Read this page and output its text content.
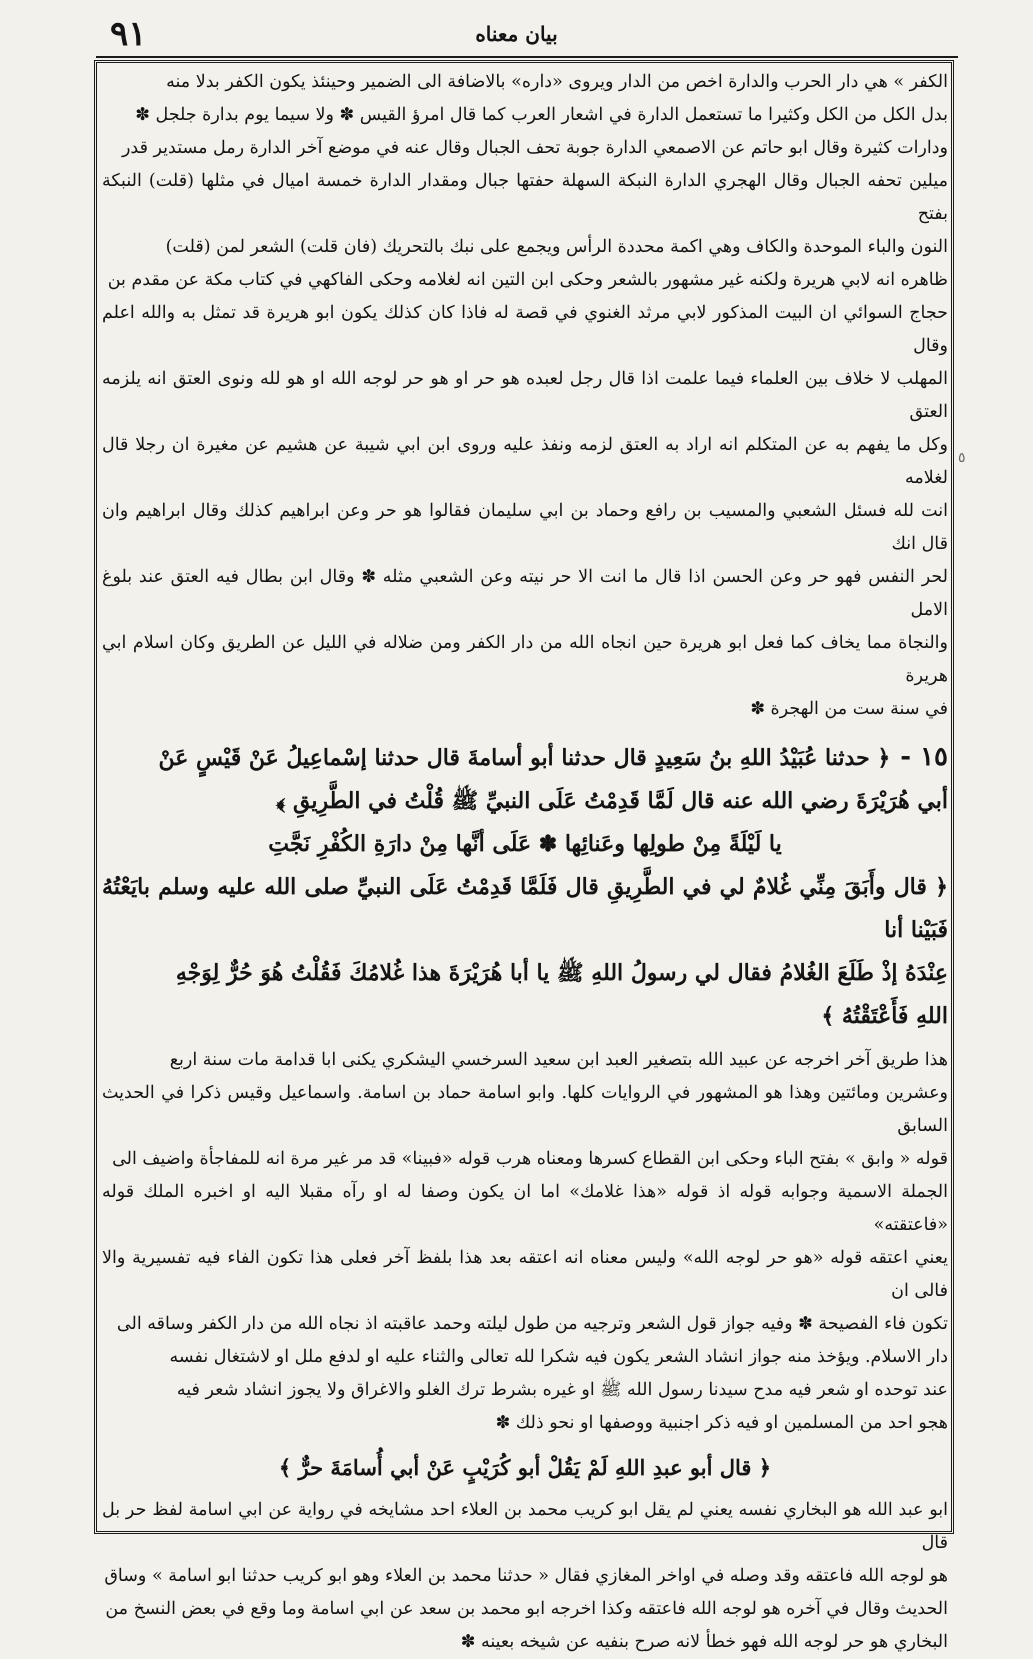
٩١	بيان معناه
٥

الكفر » هي دار الحرب والدارة اخص من الدار ويروى «داره» بالاضافة الى الضمير وحينئذ يكون الكفر بدلا منه

بدل الكل من الكل وكثيرا ما تستعمل الدارة في اشعار العرب كما قال امرؤ القيس ✽ ولا سيما يوم بدارة جلجل ✽

ودارات كثيرة وقال ابو حاتم عن الاصمعي الدارة جوبة تحف الجبال وقال عنه في موضع آخر الدارة رمل مستدير قدر

ميلين تحفه الجبال وقال الهجري الدارة النبكة السهلة حفتها جبال ومقدار الدارة خمسة اميال في مثلها (قلت) النبكة بفتح

النون والباء الموحدة والكاف وهي اكمة محددة الرأس ويجمع على نبك بالتحريك (فان قلت) الشعر لمن (قلت)

ظاهره انه لابي هريرة ولكنه غير مشهور بالشعر وحكى ابن التين انه لغلامه وحكى الفاكهي في كتاب مكة عن مقدم بن

حجاج السوائي ان البيت المذكور لابي مرثد الغنوي في قصة له فاذا كان كذلك يكون ابو هريرة قد تمثل به والله اعلم وقال

المهلب لا خلاف بين العلماء فيما علمت اذا قال رجل لعبده هو حر او هو حر لوجه الله او هو لله ونوى العتق انه يلزمه العتق

وكل ما يفهم به عن المتكلم انه اراد به العتق لزمه ونفذ عليه وروى ابن ابي شيبة عن هشيم عن مغيرة ان رجلا قال لغلامه

انت لله فسئل الشعبي والمسيب بن رافع وحماد بن ابي سليمان فقالوا هو حر وعن ابراهيم كذلك وقال ابراهيم وان قال انك

لحر النفس فهو حر وعن الحسن اذا قال ما انت الا حر نيته وعن الشعبي مثله ✽ وقال ابن بطال فيه العتق عند بلوغ الامل

والنجاة مما يخاف كما فعل ابو هريرة حين انجاه الله من دار الكفر ومن ضلاله في الليل عن الطريق وكان اسلام ابي هريرة

في سنة ست من الهجرة ✽

١٥ -﴿ حدثنا عُبَيْدُ اللهِ بنُ سَعِيدٍ قال حدثنا أبو أسامةَ قال حدثنا إسْماعِيلُ عَنْ قَيْسٍ عَنْ

أبي هُرَيْرَةَ رضي الله عنه قال لَمَّا قَدِمْتُ عَلَى النبيِّ ﷺ قُلْتُ في الطَّرِيقِ ﴾

يا لَيْلَةً مِنْ طولِها وعَنائِها ✽ عَلَى أنَّها مِنْ دارَةِ الكُفْرِ نَجَّتِ

﴿ قال وأَبَقَ مِنِّي غُلامٌ لي في الطَّرِيقِ قال فَلَمَّا قَدِمْتُ عَلَى النبيِّ صلى الله عليه وسلم بايَعْتُهُ فَبَيْنا أنا

عِنْدَهُ إذْ طَلَعَ الغُلامُ فقال لي رسولُ اللهِ ﷺ يا أبا هُرَيْرَةَ هذا غُلامُكَ فَقُلْتُ هُوَ حُرٌّ لِوَجْهِ

اللهِ فَأَعْتَقْتُهُ ﴾

هذا طريق آخر اخرجه عن عبيد الله بتصغير العبد ابن سعيد السرخسي اليشكري يكنى ابا قدامة مات سنة اربع

وعشرين ومائتين وهذا هو المشهور في الروايات كلها. وابو اسامة حماد بن اسامة. واسماعيل وقيس ذكرا في الحديث السابق

قوله « وابق » بفتح الباء وحكى ابن القطاع كسرها ومعناه هرب قوله «فبينا» قد مر غير مرة انه للمفاجأة واضيف الى

الجملة الاسمية وجوابه قوله اذ قوله «هذا غلامك» اما ان يكون وصفا له او رآه مقبلا اليه او اخبره الملك قوله «فاعتقته»

يعني اعتقه قوله «هو حر لوجه الله» وليس معناه انه اعتقه بعد هذا بلفظ آخر فعلى هذا تكون الفاء فيه تفسيرية والا فالى ان

تكون فاء الفصيحة ✽ وفيه جواز قول الشعر وترجيه من طول ليلته وحمد عاقبته اذ نجاه الله من دار الكفر وساقه الى

دار الاسلام. ويؤخذ منه جواز انشاد الشعر يكون فيه شكرا لله تعالى والثناء عليه او لدفع ملل او لاشتغال نفسه

عند توحده او شعر فيه مدح سيدنا رسول الله ﷺ او غيره بشرط ترك الغلو والاغراق ولا يجوز انشاد شعر فيه

هجو احد من المسلمين او فيه ذكر اجنبية ووصفها او نحو ذلك ✽

﴿ قال أبو عبدِ اللهِ لَمْ يَقُلْ أبو كُرَيْبٍ عَنْ أبي أُسامَةَ حرٌّ ﴾

ابو عبد الله هو البخاري نفسه يعني لم يقل ابو كريب محمد بن العلاء احد مشايخه في رواية عن ابي اسامة لفظ حر بل قال

هو لوجه الله فاعتقه وقد وصله في اواخر المغازي فقال « حدثنا محمد بن العلاء وهو ابو كريب حدثنا ابو اسامة » وساق

الحديث وقال في آخره هو لوجه الله فاعتقه وكذا اخرجه ابو محمد بن سعد عن ابي اسامة وما وقع في بعض النسخ من

البخاري هو حر لوجه الله فهو خطأ لانه صرح بنفيه عن شيخه بعينه ✽
